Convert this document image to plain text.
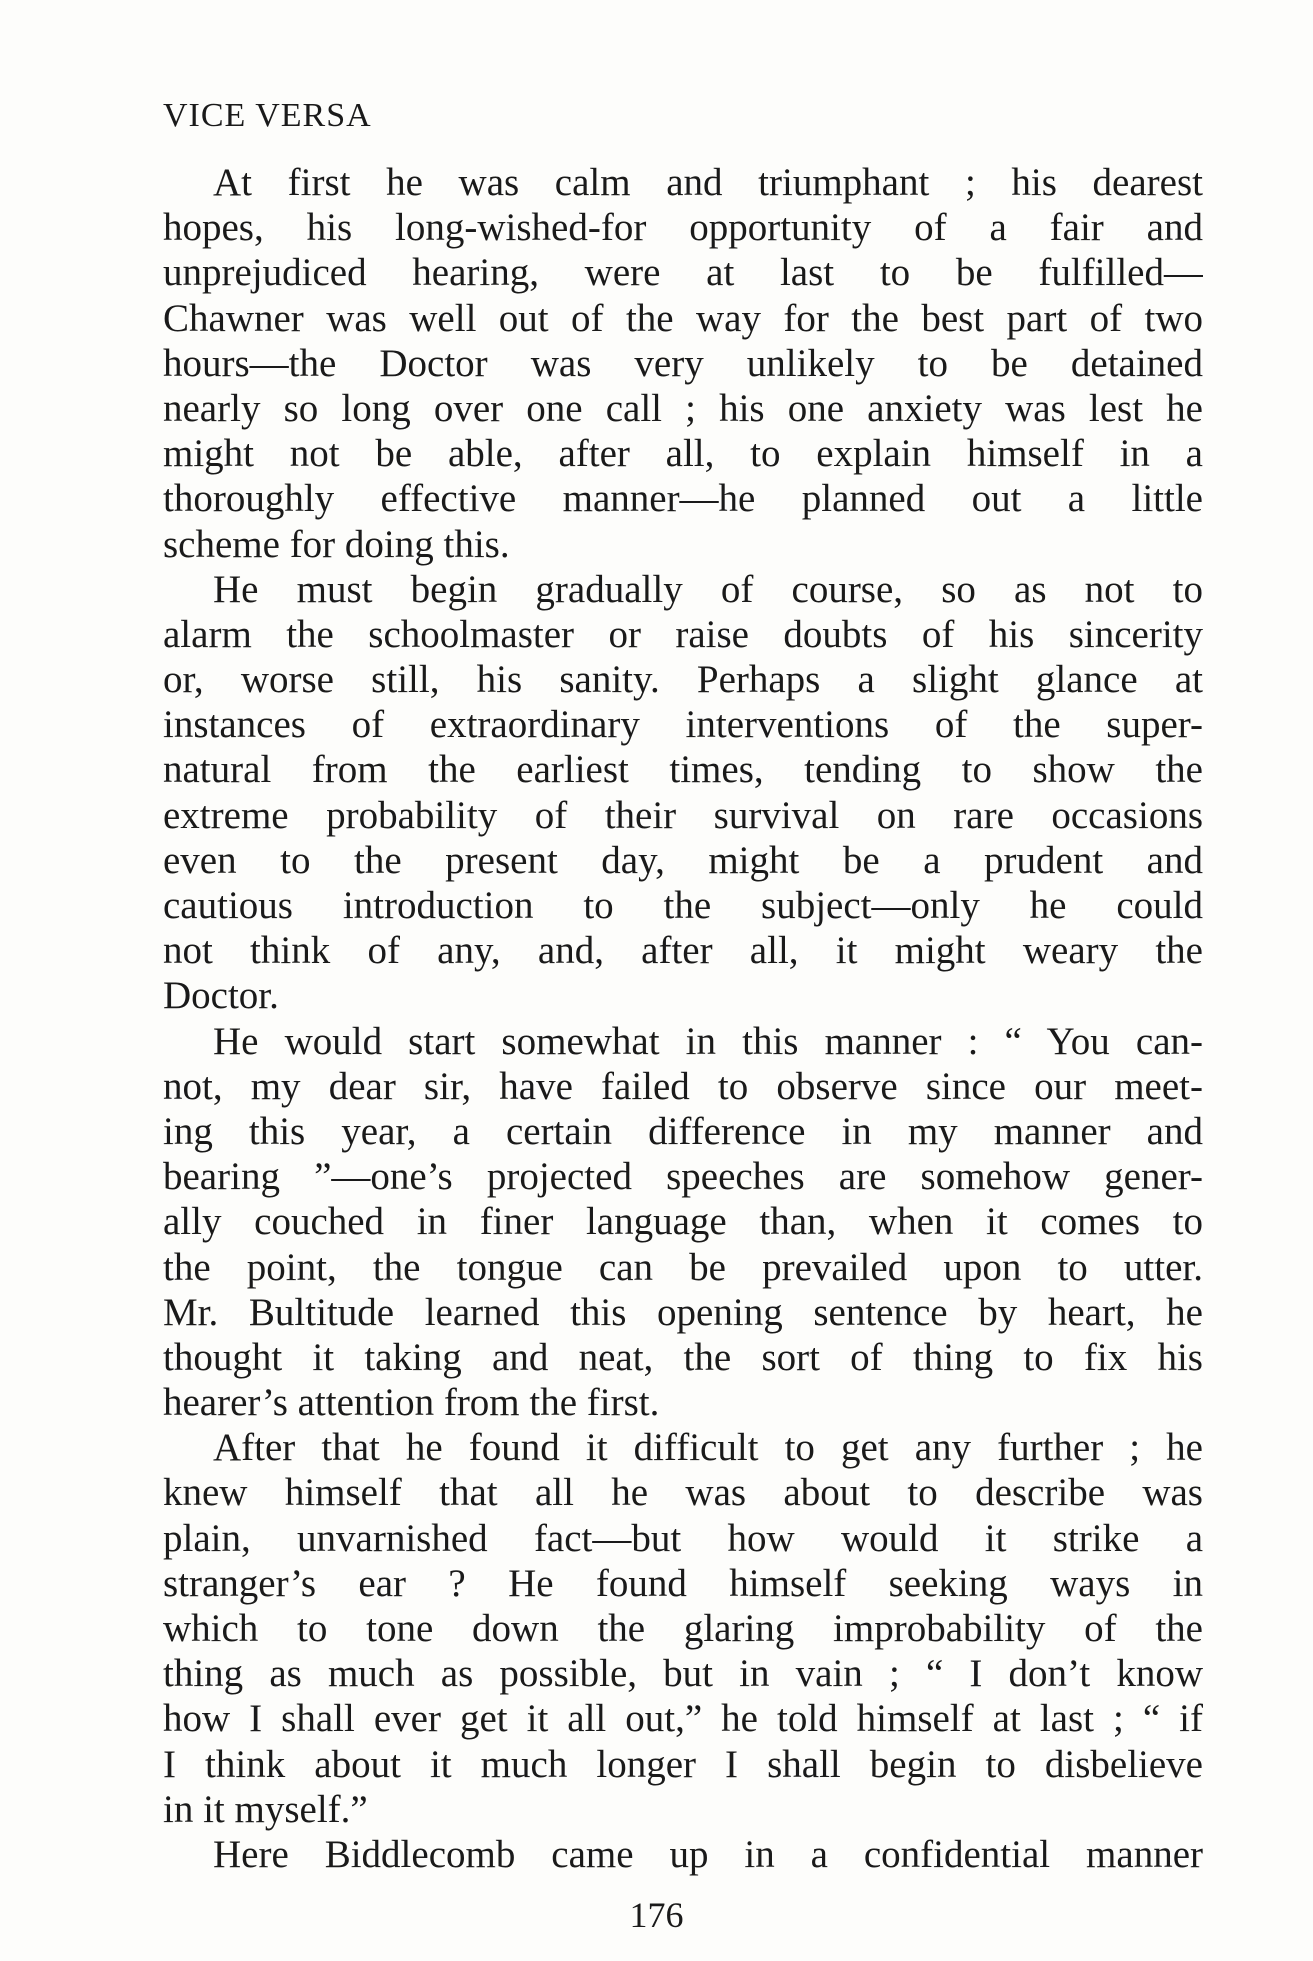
VICE VERSA
At first he was calm and triumphant ; his dearest
hopes, his long-wished-for opportunity of a fair and
unprejudiced hearing, were at last to be fulfilled—
Chawner was well out of the way for the best part of two
hours—the Doctor was very unlikely to be detained
nearly so long over one call ; his one anxiety was lest he
might not be able, after all, to explain himself in a
thoroughly effective manner—he planned out a little
scheme for doing this.
He must begin gradually of course, so as not to
alarm the schoolmaster or raise doubts of his sincerity
or, worse still, his sanity. Perhaps a slight glance at
instances of extraordinary interventions of the super-
natural from the earliest times, tending to show the
extreme probability of their survival on rare occasions
even to the present day, might be a prudent and
cautious introduction to the subject—only he could
not think of any, and, after all, it might weary the
Doctor.
He would start somewhat in this manner : “ You can-
not, my dear sir, have failed to observe since our meet-
ing this year, a certain difference in my manner and
bearing ”—one’s projected speeches are somehow gener-
ally couched in finer language than, when it comes to
the point, the tongue can be prevailed upon to utter.
Mr. Bultitude learned this opening sentence by heart, he
thought it taking and neat, the sort of thing to fix his
hearer’s attention from the first.
After that he found it difficult to get any further ; he
knew himself that all he was about to describe was
plain, unvarnished fact—but how would it strike a
stranger’s ear ? He found himself seeking ways in
which to tone down the glaring improbability of the
thing as much as possible, but in vain ; “ I don’t know
how I shall ever get it all out,” he told himself at last ; “ if
I think about it much longer I shall begin to disbelieve
in it myself.”
Here Biddlecomb came up in a confidential manner
176
